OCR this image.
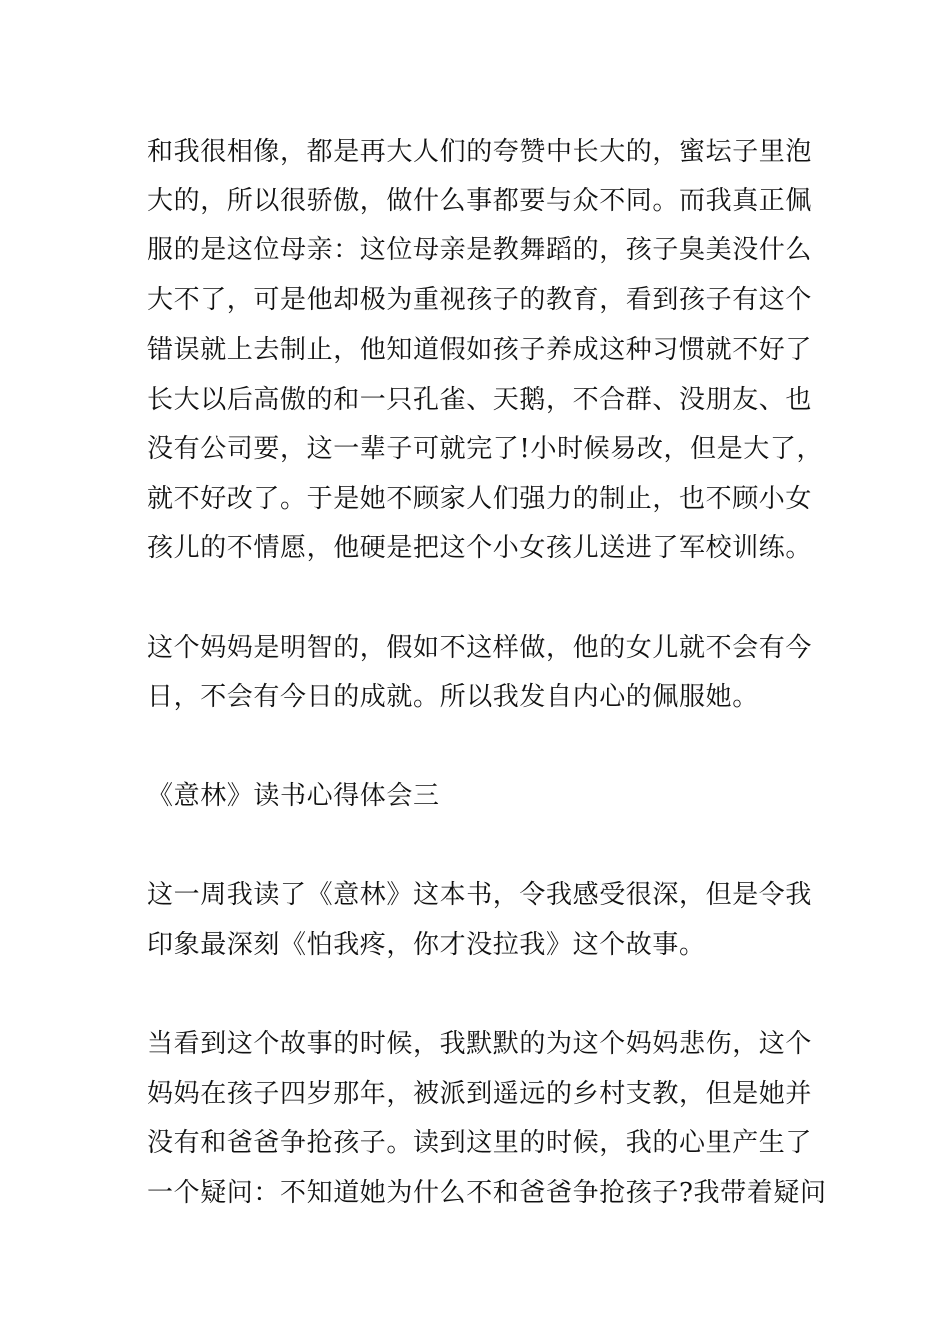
和我很相像，都是再大人们的夸赞中长大的，蜜坛子里泡
大的，所以很骄傲，做什么事都要与众不同。而我真正佩
服的是这位母亲：这位母亲是教舞蹈的，孩子臭美没什么
大不了，可是他却极为重视孩子的教育，看到孩子有这个
错误就上去制止，他知道假如孩子养成这种习惯就不好了
长大以后高傲的和一只孔雀、天鹅，不合群、没朋友、也
没有公司要，这一辈子可就完了!小时候易改，但是大了，
就不好改了。于是她不顾家人们强力的制止，也不顾小女
孩儿的不情愿，他硬是把这个小女孩儿送进了军校训练。
这个妈妈是明智的，假如不这样做，他的女儿就不会有今
日，不会有今日的成就。所以我发自内心的佩服她。
《意林》读书心得体会三
这一周我读了《意林》这本书，令我感受很深，但是令我
印象最深刻《怕我疼，你才没拉我》这个故事。
当看到这个故事的时候，我默默的为这个妈妈悲伤，这个
妈妈在孩子四岁那年，被派到遥远的乡村支教，但是她并
没有和爸爸争抢孩子。读到这里的时候，我的心里产生了
一个疑问：不知道她为什么不和爸爸争抢孩子?我带着疑问
